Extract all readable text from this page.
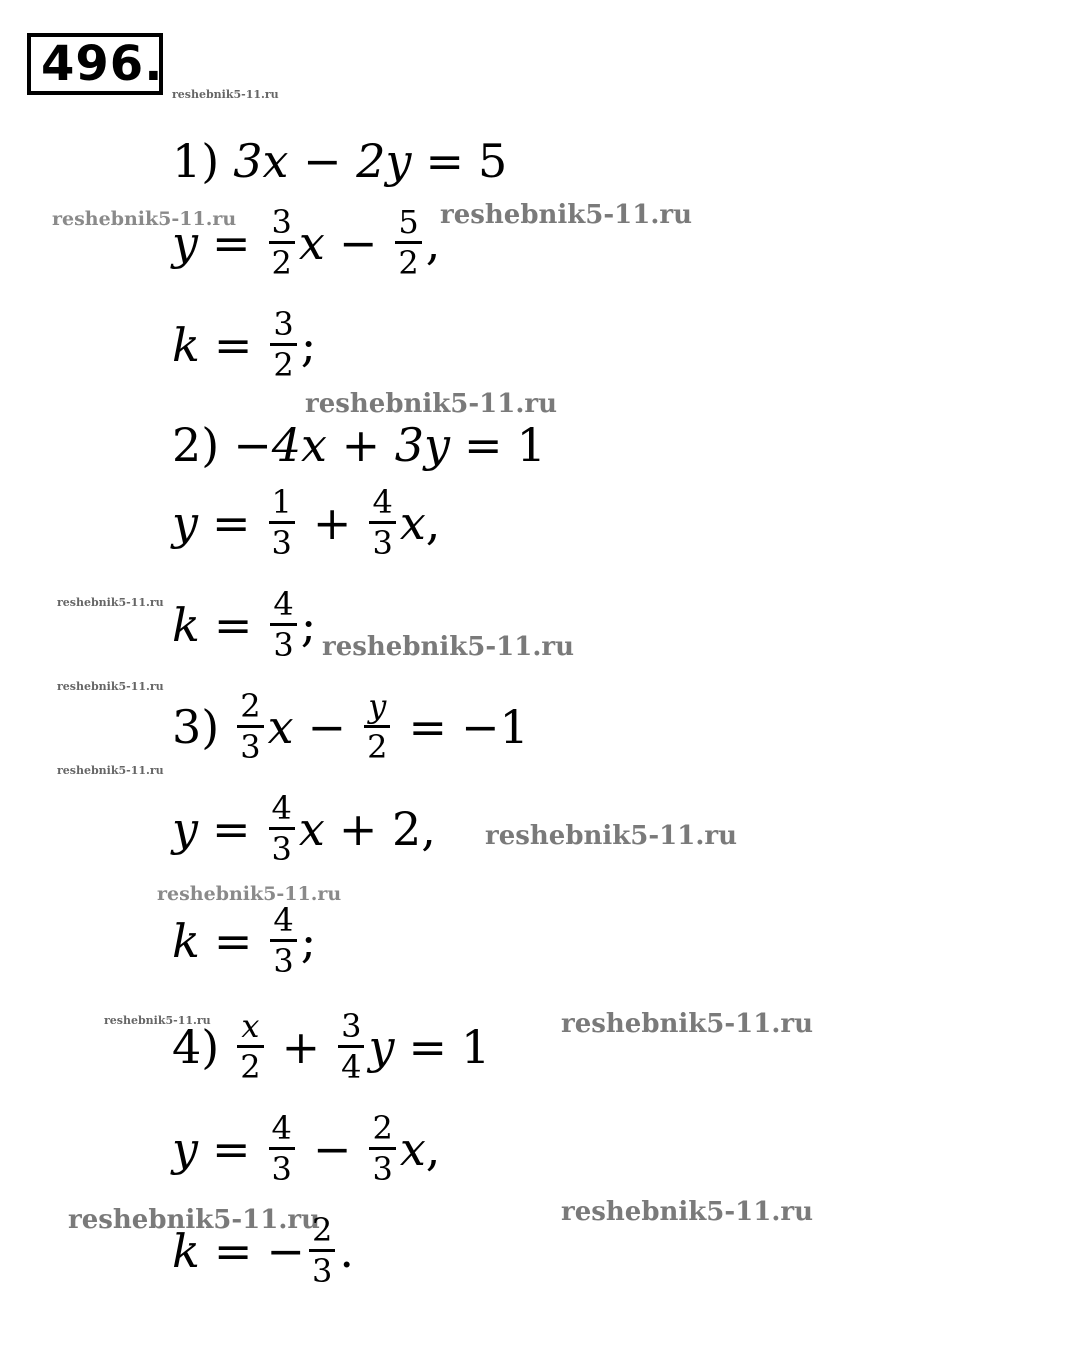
496.
reshebnik5-11.ru
reshebnik5-11.ru	reshebnik5-11.ru
reshebnik5-11.ru
reshebnik5-11.ru
reshebnik5-11.ru
reshebnik5-11.ru
reshebnik5-11.ru
reshebnik5-11.ru
reshebnik5-11.ru
reshebnik5-11.ru	reshebnik5-11.ru
reshebnik5-11.ru	reshebnik5-11.ru
1) 3x − 2y = 5
$y = \frac{3}{2}$ $x - \frac{5}{2}$ ,
$k = \frac{3}{2}$ ;
2) −4x + 3y = 1
$y = \frac{1}{3} + \frac{4}{3}$ x ,
$k = \frac{4}{3}$ ;
$3) \frac{2}{3}$ $x - \frac{y}{2} = -1$
$y = \frac{4}{3}$ x + 2 ,
$k = \frac{4}{3}$ ;
$4) \frac{x}{2} + \frac{3}{4}$ y = 1
$y = \frac{4}{3} - \frac{2}{3}$ x ,
k = − $\frac{2}{3}$ .
